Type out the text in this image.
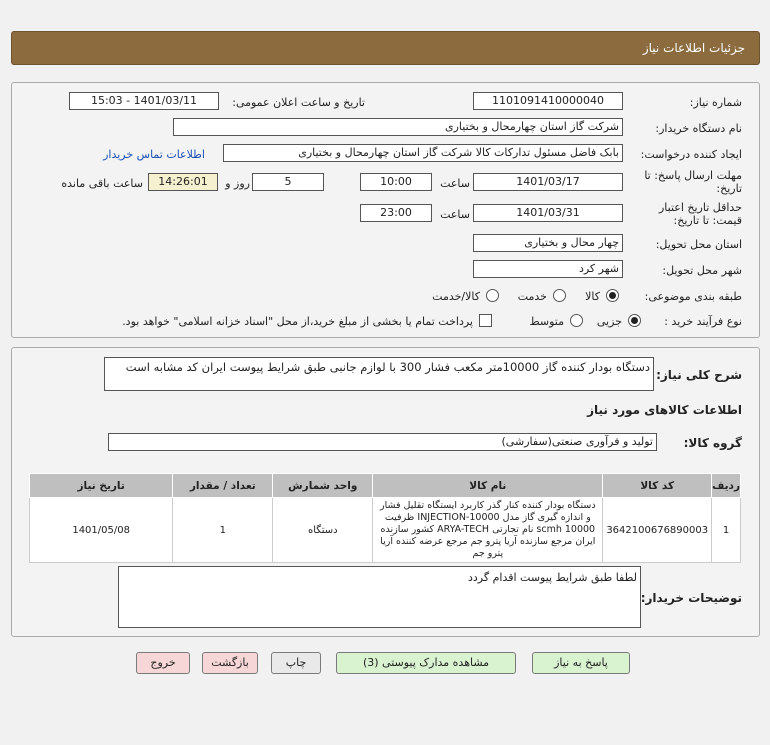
جزئیات اطلاعات نیاز
شماره نیاز:
1101091410000040
تاریخ و ساعت اعلان عمومی:
1401/03/11 - 15:03
نام دستگاه خریدار:
شرکت گاز استان چهارمحال و بختیاری
ایجاد کننده درخواست:
بابک فاضل مسئول تداركات كالا شرکت گاز استان چهارمحال و بختیاری
اطلاعات تماس خریدار
مهلت ارسال پاسخ: تا
تاریخ:
1401/03/17
ساعت
10:00
5
روز و
14:26:01
ساعت باقی مانده
حداقل تاریخ اعتبار
قیمت: تا تاریخ:
1401/03/31
ساعت
23:00
استان محل تحویل:
چهار محال و بختیاری
شهر محل تحویل:
شهر کرد
طبقه بندی موضوعی:
کالا
خدمت
کالا/خدمت
نوع فرآیند خرید :
جزیی
متوسط
پرداخت تمام یا بخشی از مبلغ خرید،از محل "اسناد خزانه اسلامی" خواهد بود.
شرح کلی نیاز:
دستگاه بودار کننده گاز 10000متر مکعب فشار 300 با لوازم جانبی طبق شرایط پیوست ایران کد مشابه است
اطلاعات کالاهای مورد نیاز
گروه کالا:
تولید و فرآوری صنعتی(سفارشی)
ردیف	کد کالا	نام کالا	واحد شمارش	تعداد / مقدار	تاریخ نیاز
1	3642100676890003	دستگاه بودار کننده کنار گذر کاربرد ایستگاه تقلیل فشار و اندازه گیری گاز مدل INJECTION-10000 ظرفیت scmh 10000 نام تجارتی ARYA-TECH کشور سازنده ایران مرجع سازنده آریا پترو جم مرجع عرضه کننده آریا پترو جم	دستگاه	1	1401/05/08
توضیحات خریدار:
لطفا طبق شرایط پیوست اقدام گردد
پاسخ به نیاز
مشاهده مدارک پیوستی (3)
چاپ
بازگشت
خروج
